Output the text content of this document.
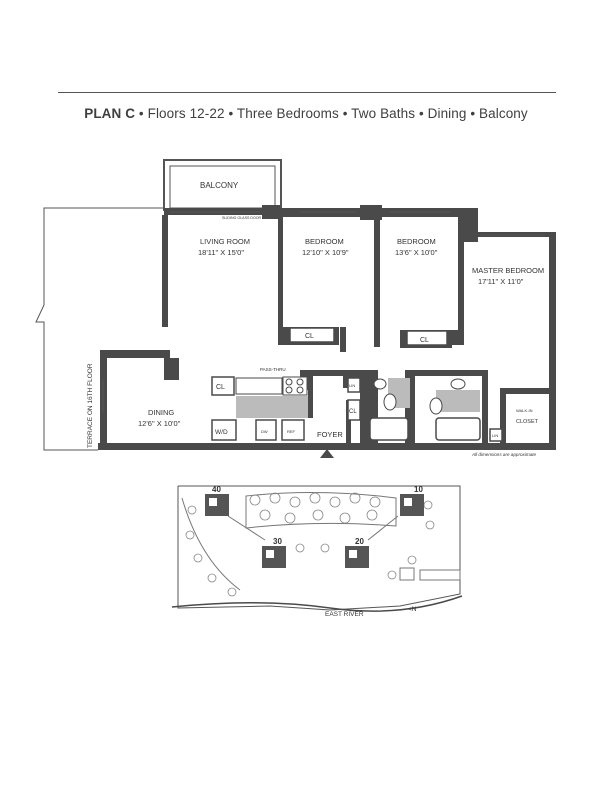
PLAN C • Floors 12-22 • Three Bedrooms • Two Baths • Dining • Balcony
TERRACE ON 16TH FLOOR
BALCONY
SLIDING GLASS DOOR
CL
CL
CL
CL
LIN
LIN
PASS-THRU
W/D	DW	REF
LIVING ROOM
18'11" X 15'0"
BEDROOM
12'10" X 10'9"
BEDROOM
13'6" X 10'0"
MASTER BEDROOM
17'11" X 11'0"
DINING
12'6" X 10'0"
FOYER
WALK-IN
CLOSET
All dimensions are approximate
40	10
30	20
EAST RIVER
<N
